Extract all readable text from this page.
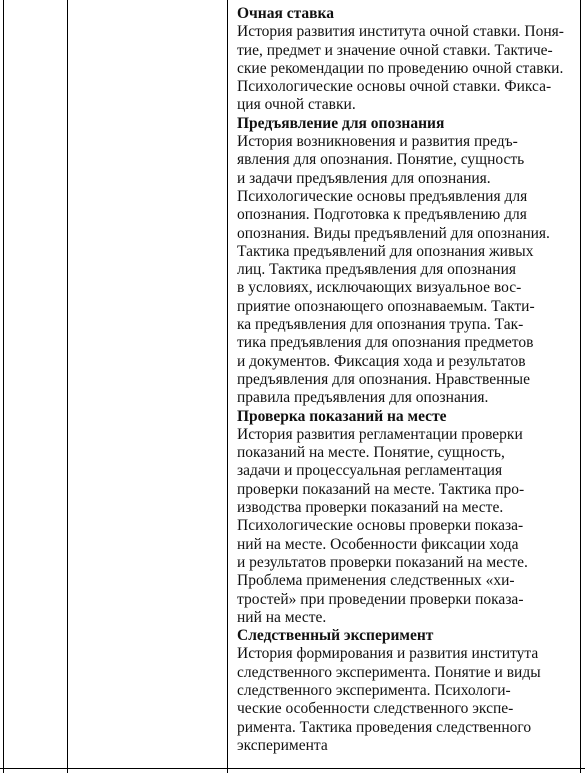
Очная ставка
История развития института очной ставки. Поня-
тие, предмет и значение очной ставки. Тактиче-
ские рекомендации по проведению очной ставки.
Психологические основы очной ставки. Фикса-
ция очной ставки.
Предъявление для опознания
История возникновения и развития предъ-
явления для опознания. Понятие, сущность
и задачи предъявления для опознания.
Психологические основы предъявления для
опознания. Подготовка к предъявлению для
опознания. Виды предъявлений для опознания.
Тактика предъявлений для опознания живых
лиц. Тактика предъявления для опознания
в условиях, исключающих визуальное вос-
приятие опознающего опознаваемым. Такти-
ка предъявления для опознания трупа. Так-
тика предъявления для опознания предметов
и документов. Фиксация хода и результатов
предъявления для опознания. Нравственные
правила предъявления для опознания.
Проверка показаний на месте
История развития регламентации проверки
показаний на месте. Понятие, сущность,
задачи и процессуальная регламентация
проверки показаний на месте. Тактика про-
изводства проверки показаний на месте.
Психологические основы проверки показа-
ний на месте. Особенности фиксации хода
и результатов проверки показаний на месте.
Проблема применения следственных «хи-
тростей» при проведении проверки показа-
ний на месте.
Следственный эксперимент
История формирования и развития института
следственного эксперимента. Понятие и виды
следственного эксперимента. Психологи-
ческие особенности следственного экспе-
римента. Тактика проведения следственного
эксперимента
